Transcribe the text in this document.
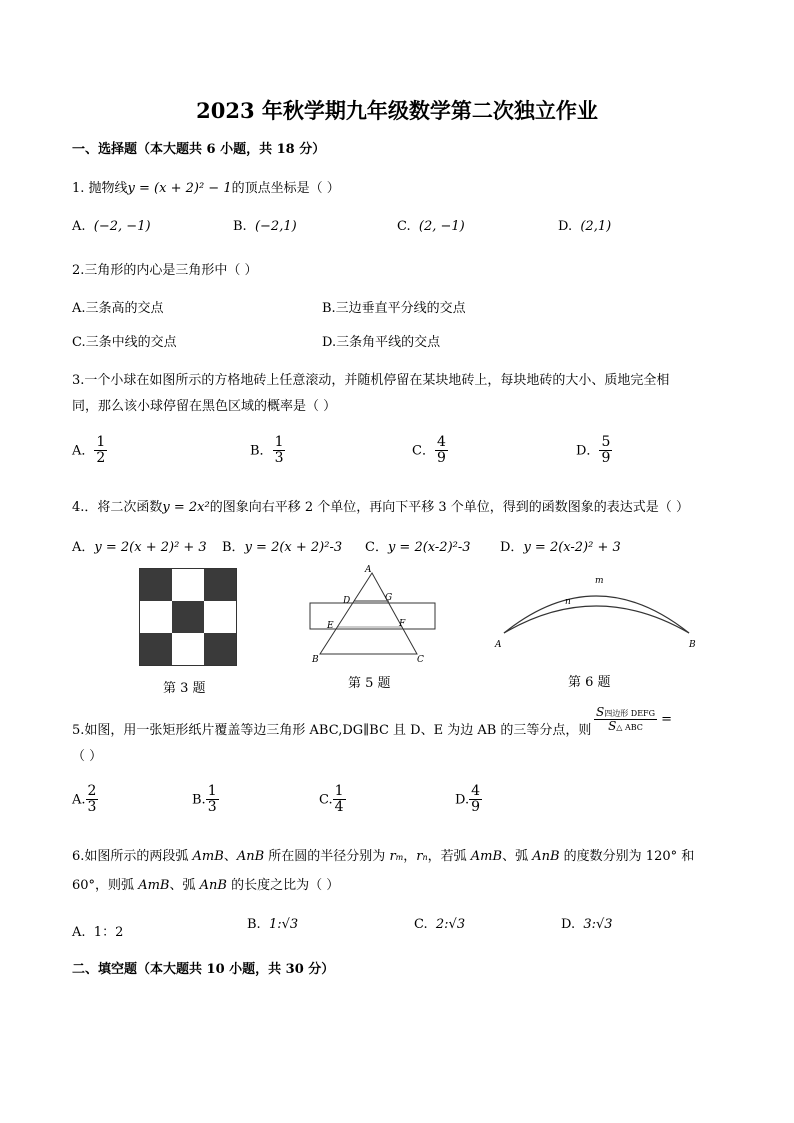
2023 年秋学期九年级数学第二次独立作业
一、选择题（本大题共 6 小题，共 18 分）
1. 抛物线y = (x + 2)² − 1的顶点坐标是（ ）
A. (−2, −1)	B. (−2,1)	C. (2, −1)	D. (2,1)
2.三角形的内心是三角形中（ ）
A.三条高的交点	B.三边垂直平分线的交点
C.三条中线的交点	D.三条角平线的交点
3.一个小球在如图所示的方格地砖上任意滚动，并随机停留在某块地砖上，每块地砖的大小、质地完全相
同，那么该小球停留在黑色区域的概率是（ ）
A． $\frac{1}{2}$	B． $\frac{1}{3}$	C． $\frac{4}{9}$	D． $\frac{5}{9}$
4.．将二次函数y = 2x²的图象向右平移 2 个单位，再向下平移 3 个单位，得到的函数图象的表达式是（ ）
A．y = 2(x + 2)² + 3 B．y = 2(x + 2)²-3 C．y = 2(x-2)²-3 D．y = 2(x-2)² + 3
第 3 题
A
D	G
E	F
B	C
第 5 题
m
n
A	B
第 6 题
5.如图，用一张矩形纸片覆盖等边三角形 ABC,DG∥BC 且 D、E 为边 AB 的三等分点，则 $\frac{\text{S四边形 DEFG}}{\text{S△ ABC}}$ =
（ ）
A. $\frac{2}{3}$	B. $\frac{1}{3}$	C. $\frac{1}{4}$	D. $\frac{4}{9}$
6.如图所示的两段弧 AmB、AnB 所在圆的半径分别为 rm，rn，若弧 AmB、弧 AnB 的度数分别为 120° 和
60°，则弧 AmB、弧 AnB 的长度之比为（ ）
A. 1：2
B. 1:√3	C. 2:√3	D. 3:√3
二、填空题（本大题共 10 小题，共 30 分）
